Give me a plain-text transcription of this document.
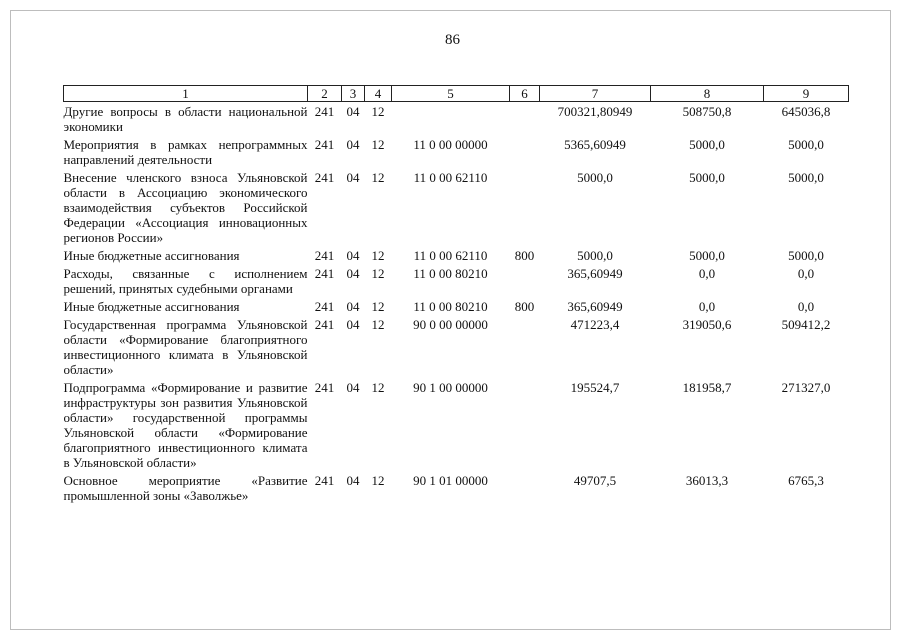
86
1	2	3	4	5	6	7	8	9
Другие вопросы в области национальной экономики	241	04	12			700321,80949	508750,8	645036,8
Мероприятия в рамках непрограммных направлений деятельности	241	04	12	11 0 00 00000		5365,60949	5000,0	5000,0
Внесение членского взноса Ульяновской области в Ассоциацию экономического взаимодействия субъектов Российской Федерации «Ассоциация инновационных регионов России»	241	04	12	11 0 00 62110		5000,0	5000,0	5000,0
Иные бюджетные ассигнования	241	04	12	11 0 00 62110	800	5000,0	5000,0	5000,0
Расходы, связанные с исполнением решений, принятых судебными органами	241	04	12	11 0 00 80210		365,60949	0,0	0,0
Иные бюджетные ассигнования	241	04	12	11 0 00 80210	800	365,60949	0,0	0,0
Государственная программа Ульяновской области «Формирование благоприятного инвестиционного климата в Ульяновской области»	241	04	12	90 0 00 00000		471223,4	319050,6	509412,2
Подпрограмма «Формирование и развитие инфраструктуры зон развития Ульяновской области» государственной программы Ульяновской области «Формирование благоприятного инвестиционного климата в Ульяновской области»	241	04	12	90 1 00 00000		195524,7	181958,7	271327,0
Основное мероприятие «Развитие промышленной зоны «Заволжье»	241	04	12	90 1 01 00000		49707,5	36013,3	6765,3
